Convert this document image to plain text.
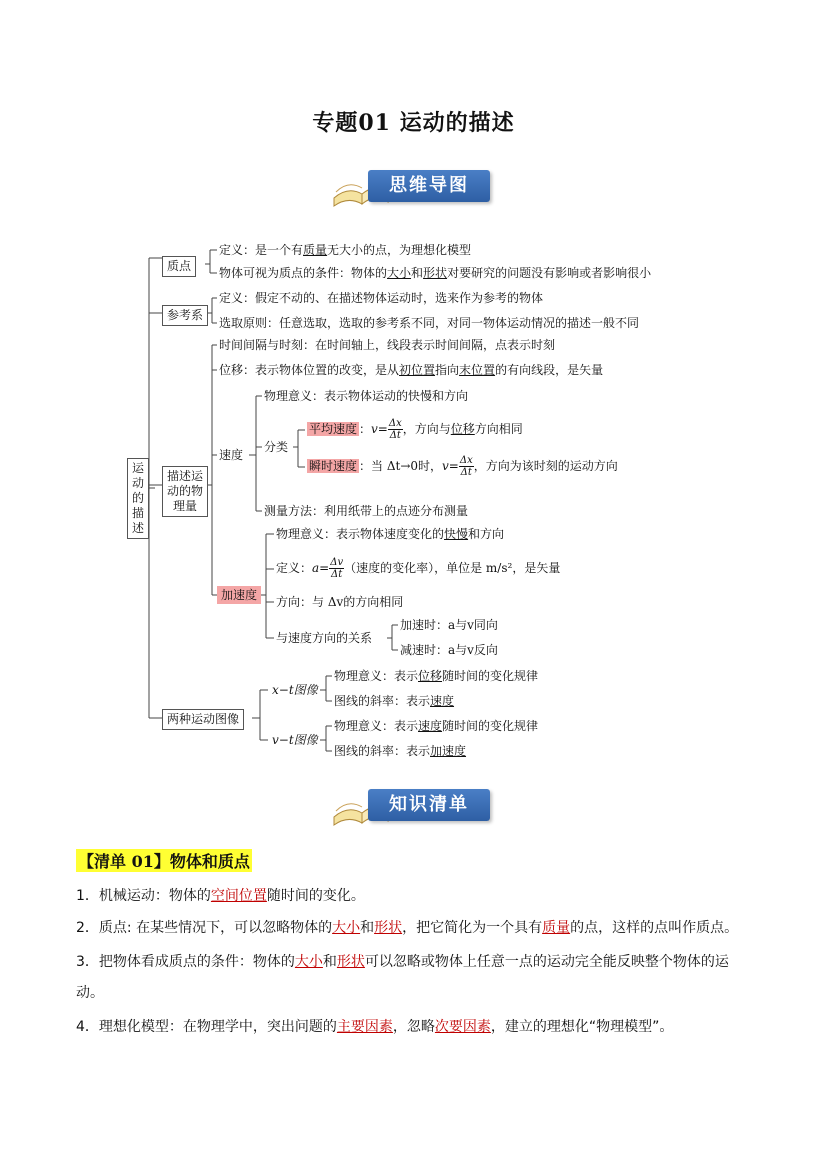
专题01 运动的描述
思维导图
运动的描述
质点
定义：是一个有质量无大小的点，为理想化模型
物体可视为质点的条件：物体的大小和形状对要研究的问题没有影响或者影响很小
参考系
定义：假定不动的、在描述物体运动时，选来作为参考的物体
选取原则：任意选取，选取的参考系不同，对同一物体运动情况的描述一般不同
描述运动的物理量
时间间隔与时刻：在时间轴上，线段表示时间间隔，点表示时刻
位移：表示物体位置的改变，是从初位置指向末位置的有向线段，是矢量
速度
物理意义：表示物体运动的快慢和方向
分类
平均速度 ：$v= \frac{\Delta x}{\Delta t}$ ，方向与位移方向相同
瞬时速度 ：当 Δt→0时，$v= \frac{\Delta x}{\Delta t}$ ，方向为该时刻的运动方向
测量方法：利用纸带上的点迹分布测量
加速度
物理意义：表示物体速度变化的快慢和方向
定义：$a= \frac{\Delta v}{\Delta t}$ （速度的变化率），单位是 m/s²，是矢量
方向：与 Δv的方向相同
与速度方向的关系
加速时：a与v同向
减速时：a与v反向
两种运动图像
x−t图像
物理意义：表示位移随时间的变化规律
图线的斜率：表示速度
v−t图像
物理意义：表示速度随时间的变化规律
图线的斜率：表示加速度
知识清单
【清单 01】物体和质点
1．机械运动：物体的空间位置随时间的变化。
2．质点: 在某些情况下，可以忽略物体的大小和形状，把它简化为一个具有质量的点，这样的点叫作质点。
3．把物体看成质点的条件：物体的大小和形状可以忽略或物体上任意一点的运动完全能反映整个物体的运
动。
4．理想化模型：在物理学中，突出问题的主要因素，忽略次要因素，建立的理想化“物理模型”。
